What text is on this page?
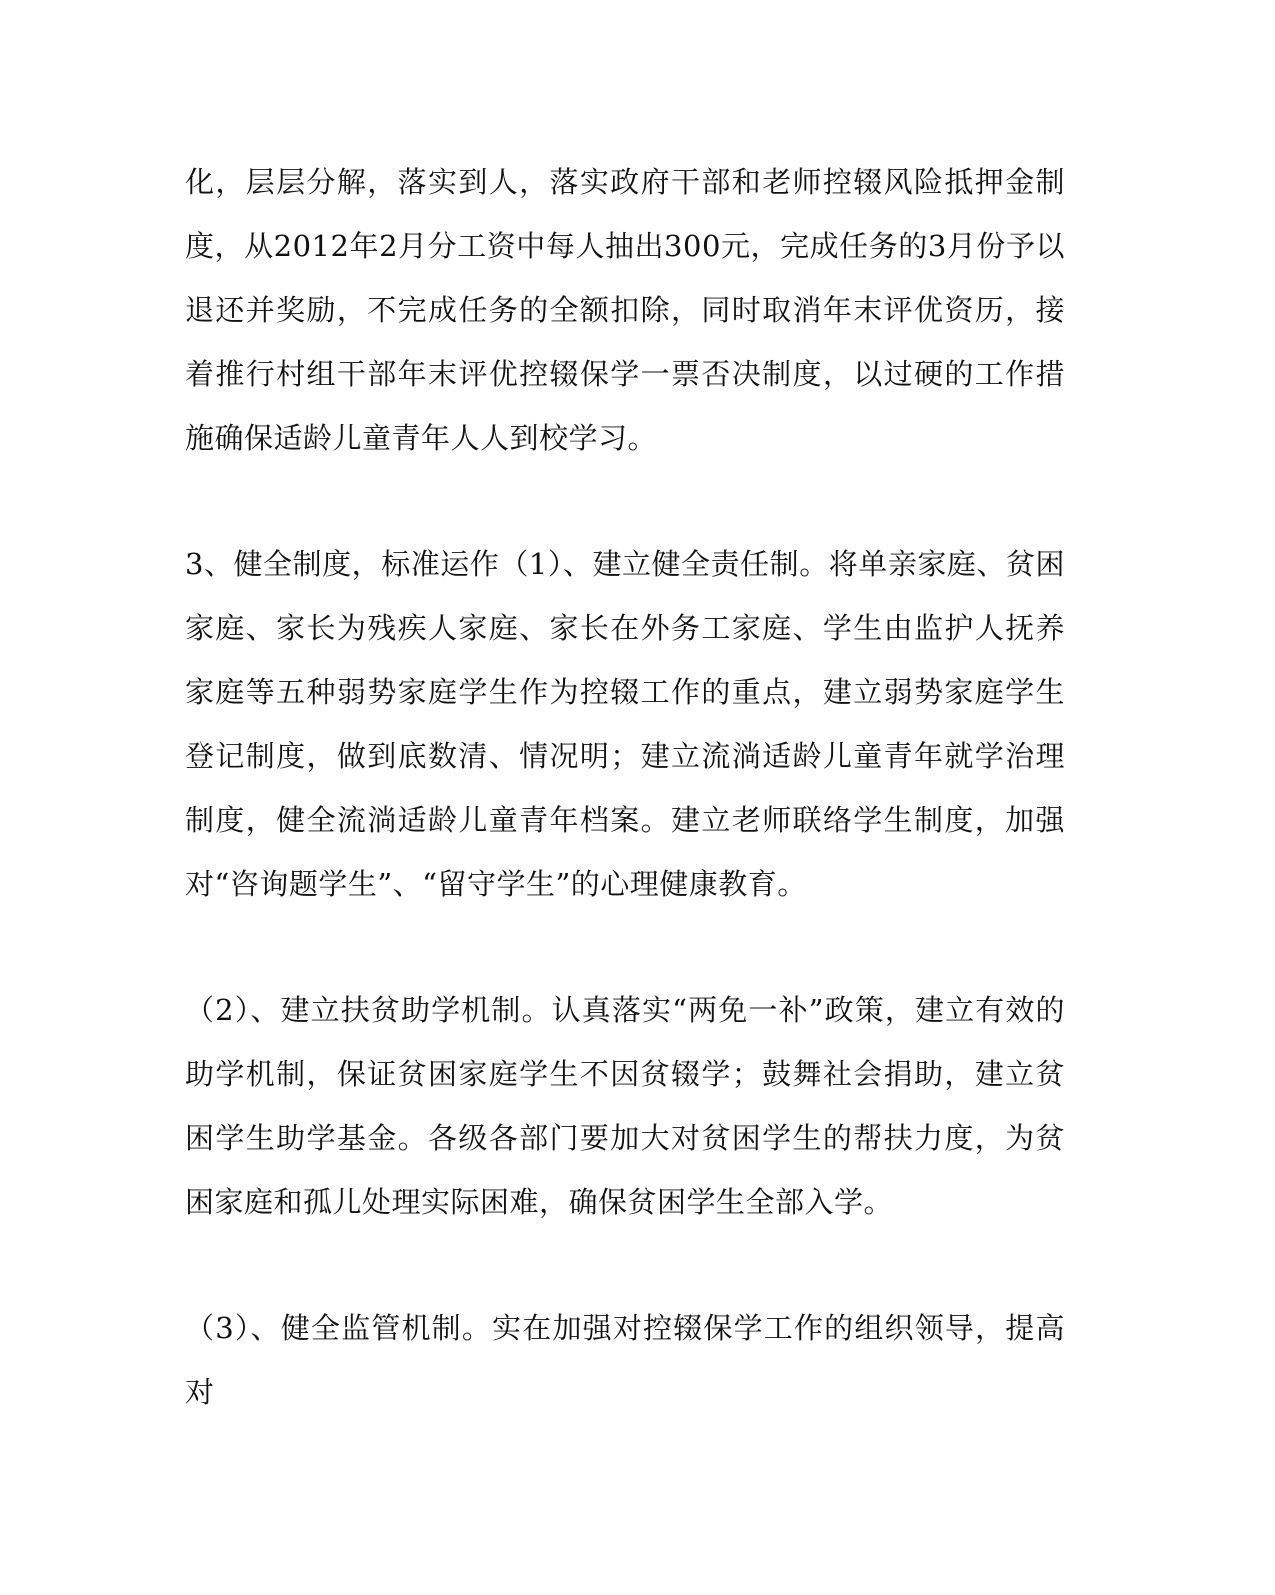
化，层层分解，落实到人，落实政府干部和老师控辍风险抵押金制度，从2012年2月分工资中每人抽出300元，完成任务的3月份予以退还并奖励，不完成任务的全额扣除，同时取消年末评优资历，接着推行村组干部年末评优控辍保学一票否决制度，以过硬的工作措施确保适龄儿童青年人人到校学习。

3、健全制度，标准运作（1）、建立健全责任制。将单亲家庭、贫困家庭、家长为残疾人家庭、家长在外务工家庭、学生由监护人抚养家庭等五种弱势家庭学生作为控辍工作的重点，建立弱势家庭学生登记制度，做到底数清、情况明；建立流淌适龄儿童青年就学治理制度，健全流淌适龄儿童青年档案。建立老师联络学生制度，加强对“咨询题学生”、“留守学生”的心理健康教育。

（2）、建立扶贫助学机制。认真落实“两免一补”政策，建立有效的助学机制，保证贫困家庭学生不因贫辍学；鼓舞社会捐助，建立贫困学生助学基金。各级各部门要加大对贫困学生的帮扶力度，为贫困家庭和孤儿处理实际困难，确保贫困学生全部入学。

（3）、健全监管机制。实在加强对控辍保学工作的组织领导，提高对
